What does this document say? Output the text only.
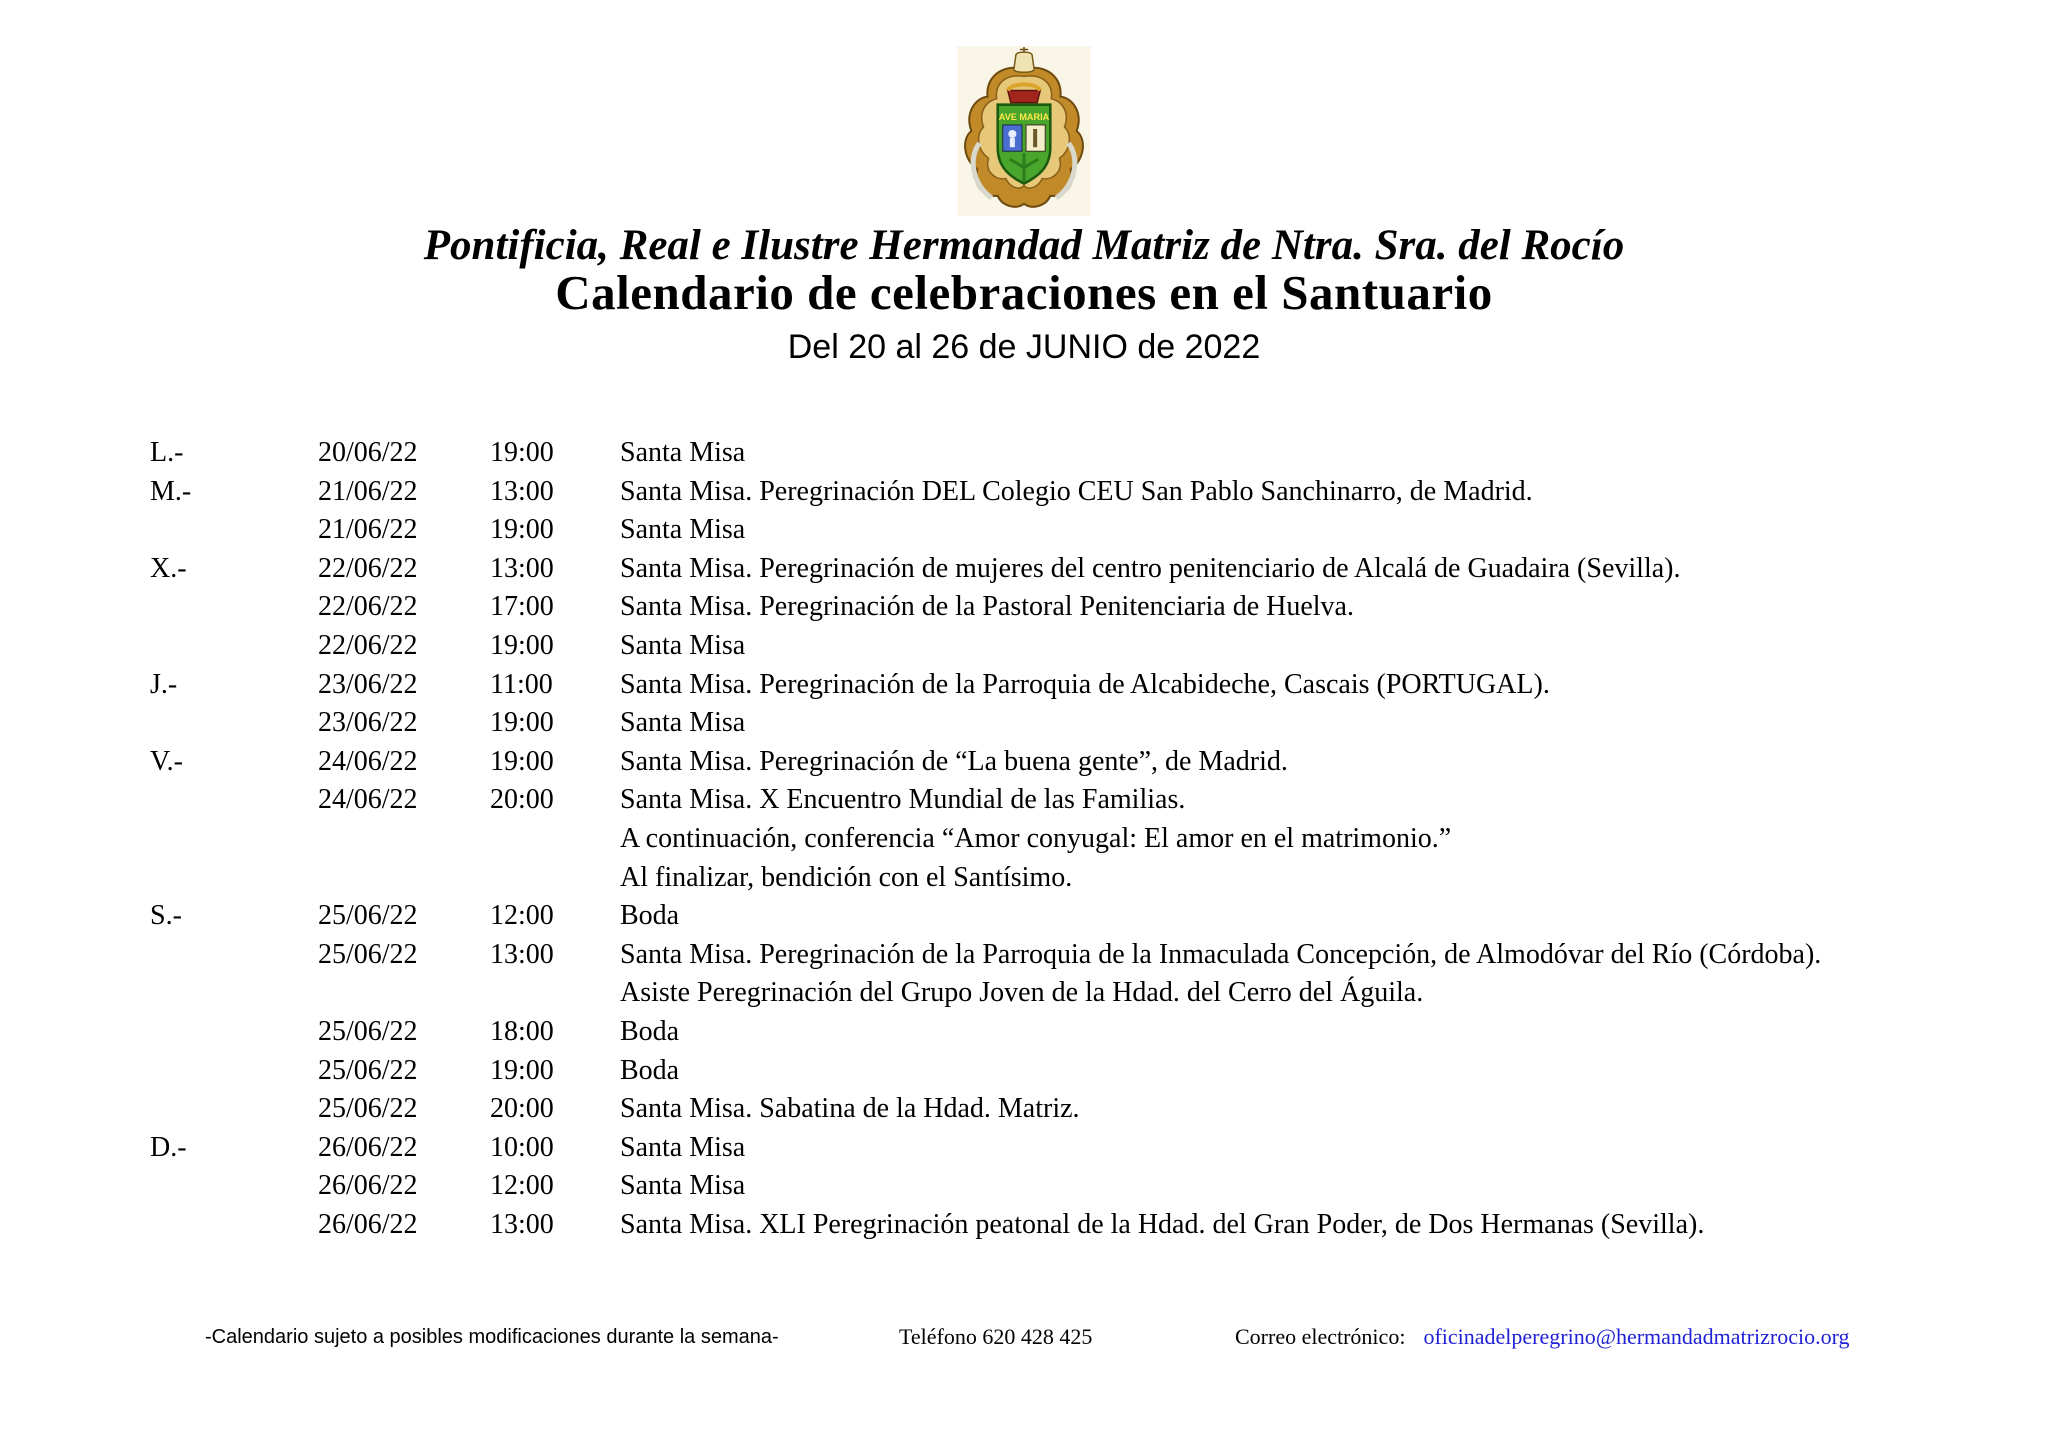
AVE MARIA
Pontificia, Real e Ilustre Hermandad Matriz de Ntra. Sra. del Rocío
Calendario de celebraciones en el Santuario
Del 20 al 26 de JUNIO de 2022
L.-	20/06/22	19:00	Santa Misa
M.-	21/06/22	13:00	Santa Misa. Peregrinación DEL Colegio CEU San Pablo Sanchinarro, de Madrid.
21/06/22	19:00	Santa Misa
X.-	22/06/22	13:00	Santa Misa. Peregrinación de mujeres del centro penitenciario de Alcalá de Guadaira (Sevilla).
22/06/22	17:00	Santa Misa. Peregrinación de la Pastoral Penitenciaria de Huelva.
22/06/22	19:00	Santa Misa
J.-	23/06/22	11:00	Santa Misa. Peregrinación de la Parroquia de Alcabideche, Cascais (PORTUGAL).
23/06/22	19:00	Santa Misa
V.-	24/06/22	19:00	Santa Misa. Peregrinación de “La buena gente”, de Madrid.
24/06/22	20:00	Santa Misa. X Encuentro Mundial de las Familias.
A continuación, conferencia “Amor conyugal: El amor en el matrimonio.”
Al finalizar, bendición con el Santísimo.
S.-	25/06/22	12:00	Boda
25/06/22	13:00	Santa Misa. Peregrinación de la Parroquia de la Inmaculada Concepción, de Almodóvar del Río (Córdoba).
Asiste Peregrinación del Grupo Joven de la Hdad. del Cerro del Águila.
25/06/22	18:00	Boda
25/06/22	19:00	Boda
25/06/22	20:00	Santa Misa. Sabatina de la Hdad. Matriz.
D.-	26/06/22	10:00	Santa Misa
26/06/22	12:00	Santa Misa
26/06/22	13:00	Santa Misa. XLI Peregrinación peatonal de la Hdad. del Gran Poder, de Dos Hermanas (Sevilla).
-Calendario sujeto a posibles modificaciones durante la semana-	Teléfono 620 428 425	Correo electrónico: oficinadelperegrino@hermandadmatrizrocio.org
